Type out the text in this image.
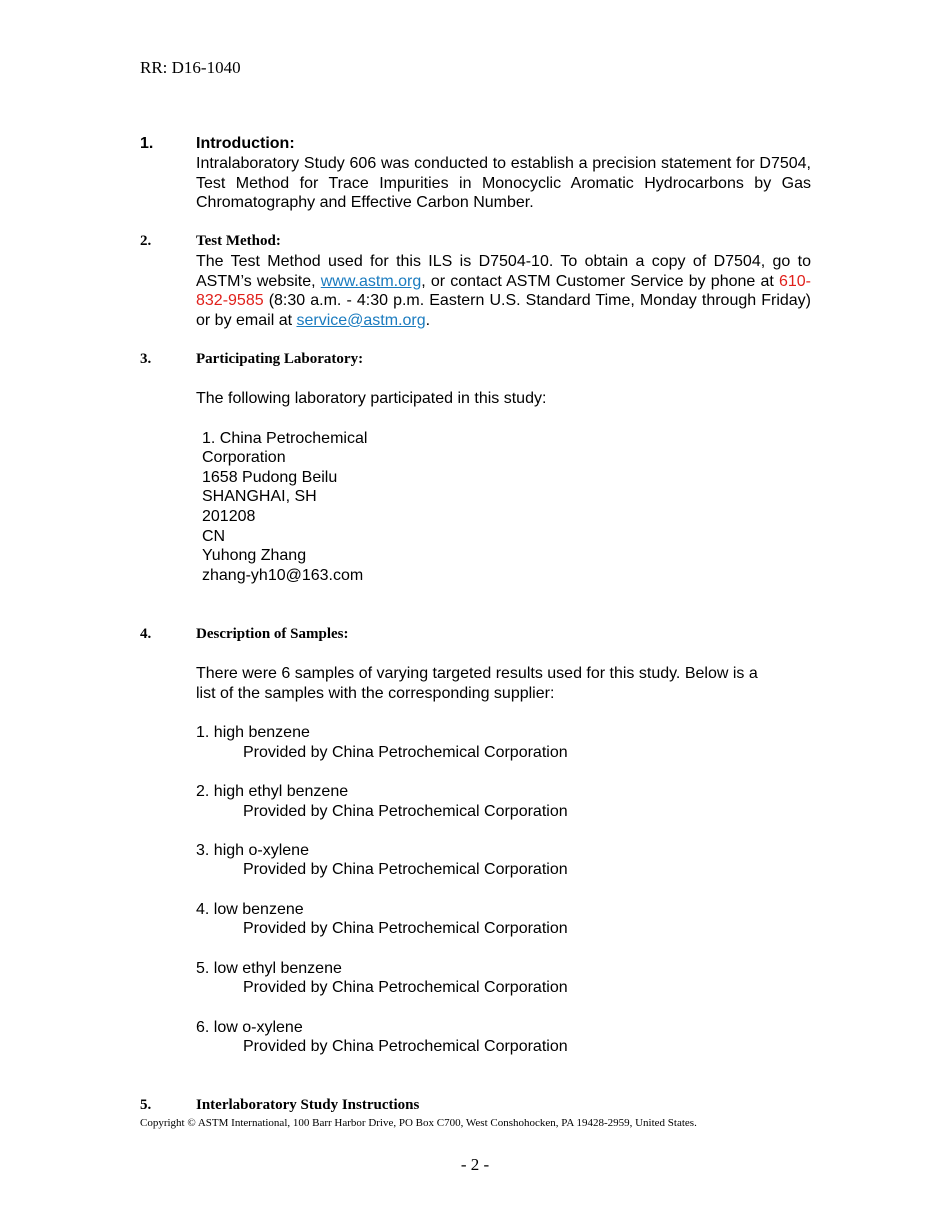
RR: D16-1040
1.	Introduction:
Intralaboratory Study 606 was conducted to establish a precision statement for D7504, Test Method for Trace Impurities in Monocyclic Aromatic Hydrocarbons by Gas Chromatography and Effective Carbon Number.
2.	Test Method:
The Test Method used for this ILS is D7504-10. To obtain a copy of D7504, go to ASTM’s website, www.astm.org, or contact ASTM Customer Service by phone at 610-832-9585 (8:30 a.m. - 4:30 p.m. Eastern U.S. Standard Time, Monday through Friday) or by email at service@astm.org.
3.	Participating Laboratory:
The following laboratory participated in this study:
1. China Petrochemical
Corporation
1658 Pudong Beilu
SHANGHAI, SH
201208
CN
Yuhong Zhang
zhang-yh10@163.com
4.	Description of Samples:
There were 6 samples of varying targeted results used for this study. Below is a
list of the samples with the corresponding supplier:
1. high benzene
Provided by China Petrochemical Corporation
2. high ethyl benzene
Provided by China Petrochemical Corporation
3. high o-xylene
Provided by China Petrochemical Corporation
4. low benzene
Provided by China Petrochemical Corporation
5. low ethyl benzene
Provided by China Petrochemical Corporation
6. low o-xylene
Provided by China Petrochemical Corporation
5.	Interlaboratory Study Instructions
Copyright © ASTM International, 100 Barr Harbor Drive, PO Box C700, West Conshohocken, PA 19428-2959, United States.
- 2 -
